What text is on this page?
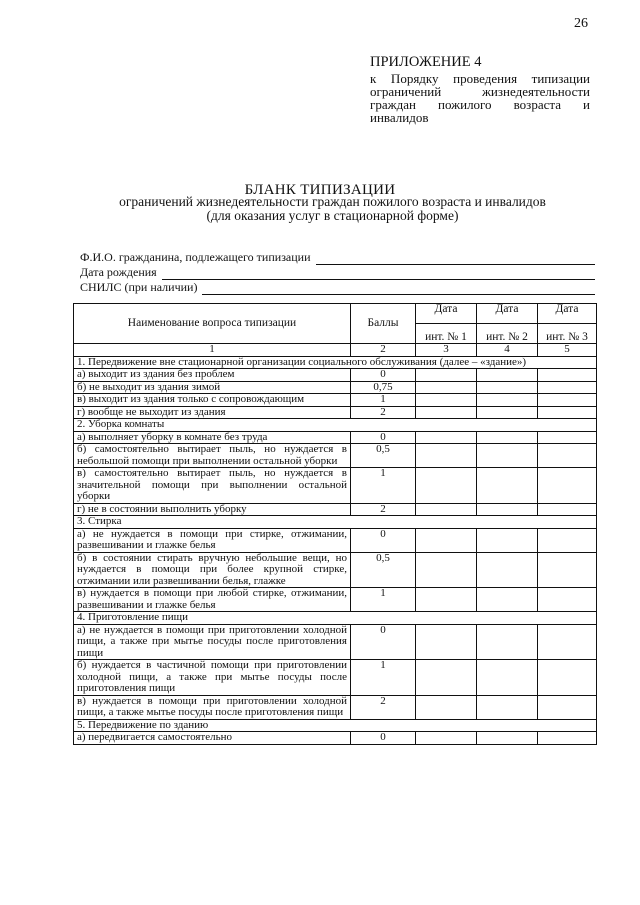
26
ПРИЛОЖЕНИЕ 4
к Порядку проведения типизации ограничений жизнедеятельности граждан пожилого возраста и инвалидов
БЛАНК ТИПИЗАЦИИ
ограничений жизнедеятельности граждан пожилого возраста и инвалидов (для оказания услуг в стационарной форме)
Ф.И.О. гражданина, подлежащего типизации
Дата рождения
СНИЛС (при наличии)
Наименование вопроса типизации	Баллы	Дата	Дата	Дата
		инт. № 1	инт. № 2	инт. № 3
1	2	3	4	5
1. Передвижение вне стационарной организации социального обслуживания (далее – «здание»)				
а) выходит из здания без проблем	0			
б) не выходит из здания зимой	0,75			
в) выходит из здания только с сопровождающим	1			
г) вообще не выходит из здания	2			
2. Уборка комнаты				
а) выполняет уборку в комнате без труда	0			
б) самостоятельно вытирает пыль, но нуждается в небольшой помощи при выполнении остальной уборки	0,5			
в) самостоятельно вытирает пыль, но нуждается в значительной помощи при выполнении остальной уборки	1			
г) не в состоянии выполнить уборку	2			
3. Стирка				
а) не нуждается в помощи при стирке, отжимании, развешивании и глажке белья	0			
б) в состоянии стирать вручную небольшие вещи, но нуждается в помощи при более крупной стирке, отжимании или развешивании белья, глажке	0,5			
в) нуждается в помощи при любой стирке, отжимании, развешивании и глажке белья	1			
4. Приготовление пищи				
а) не нуждается в помощи при приготовлении холодной пищи, а также при мытье посуды после приготовления пищи	0			
б) нуждается в частичной помощи при приготовлении холодной пищи, а также при мытье посуды после приготовления пищи	1			
в) нуждается в помощи при приготовлении холодной пищи, а также мытье посуды после приготовления пищи	2			
5. Передвижение по зданию				
а) передвигается самостоятельно	0			
